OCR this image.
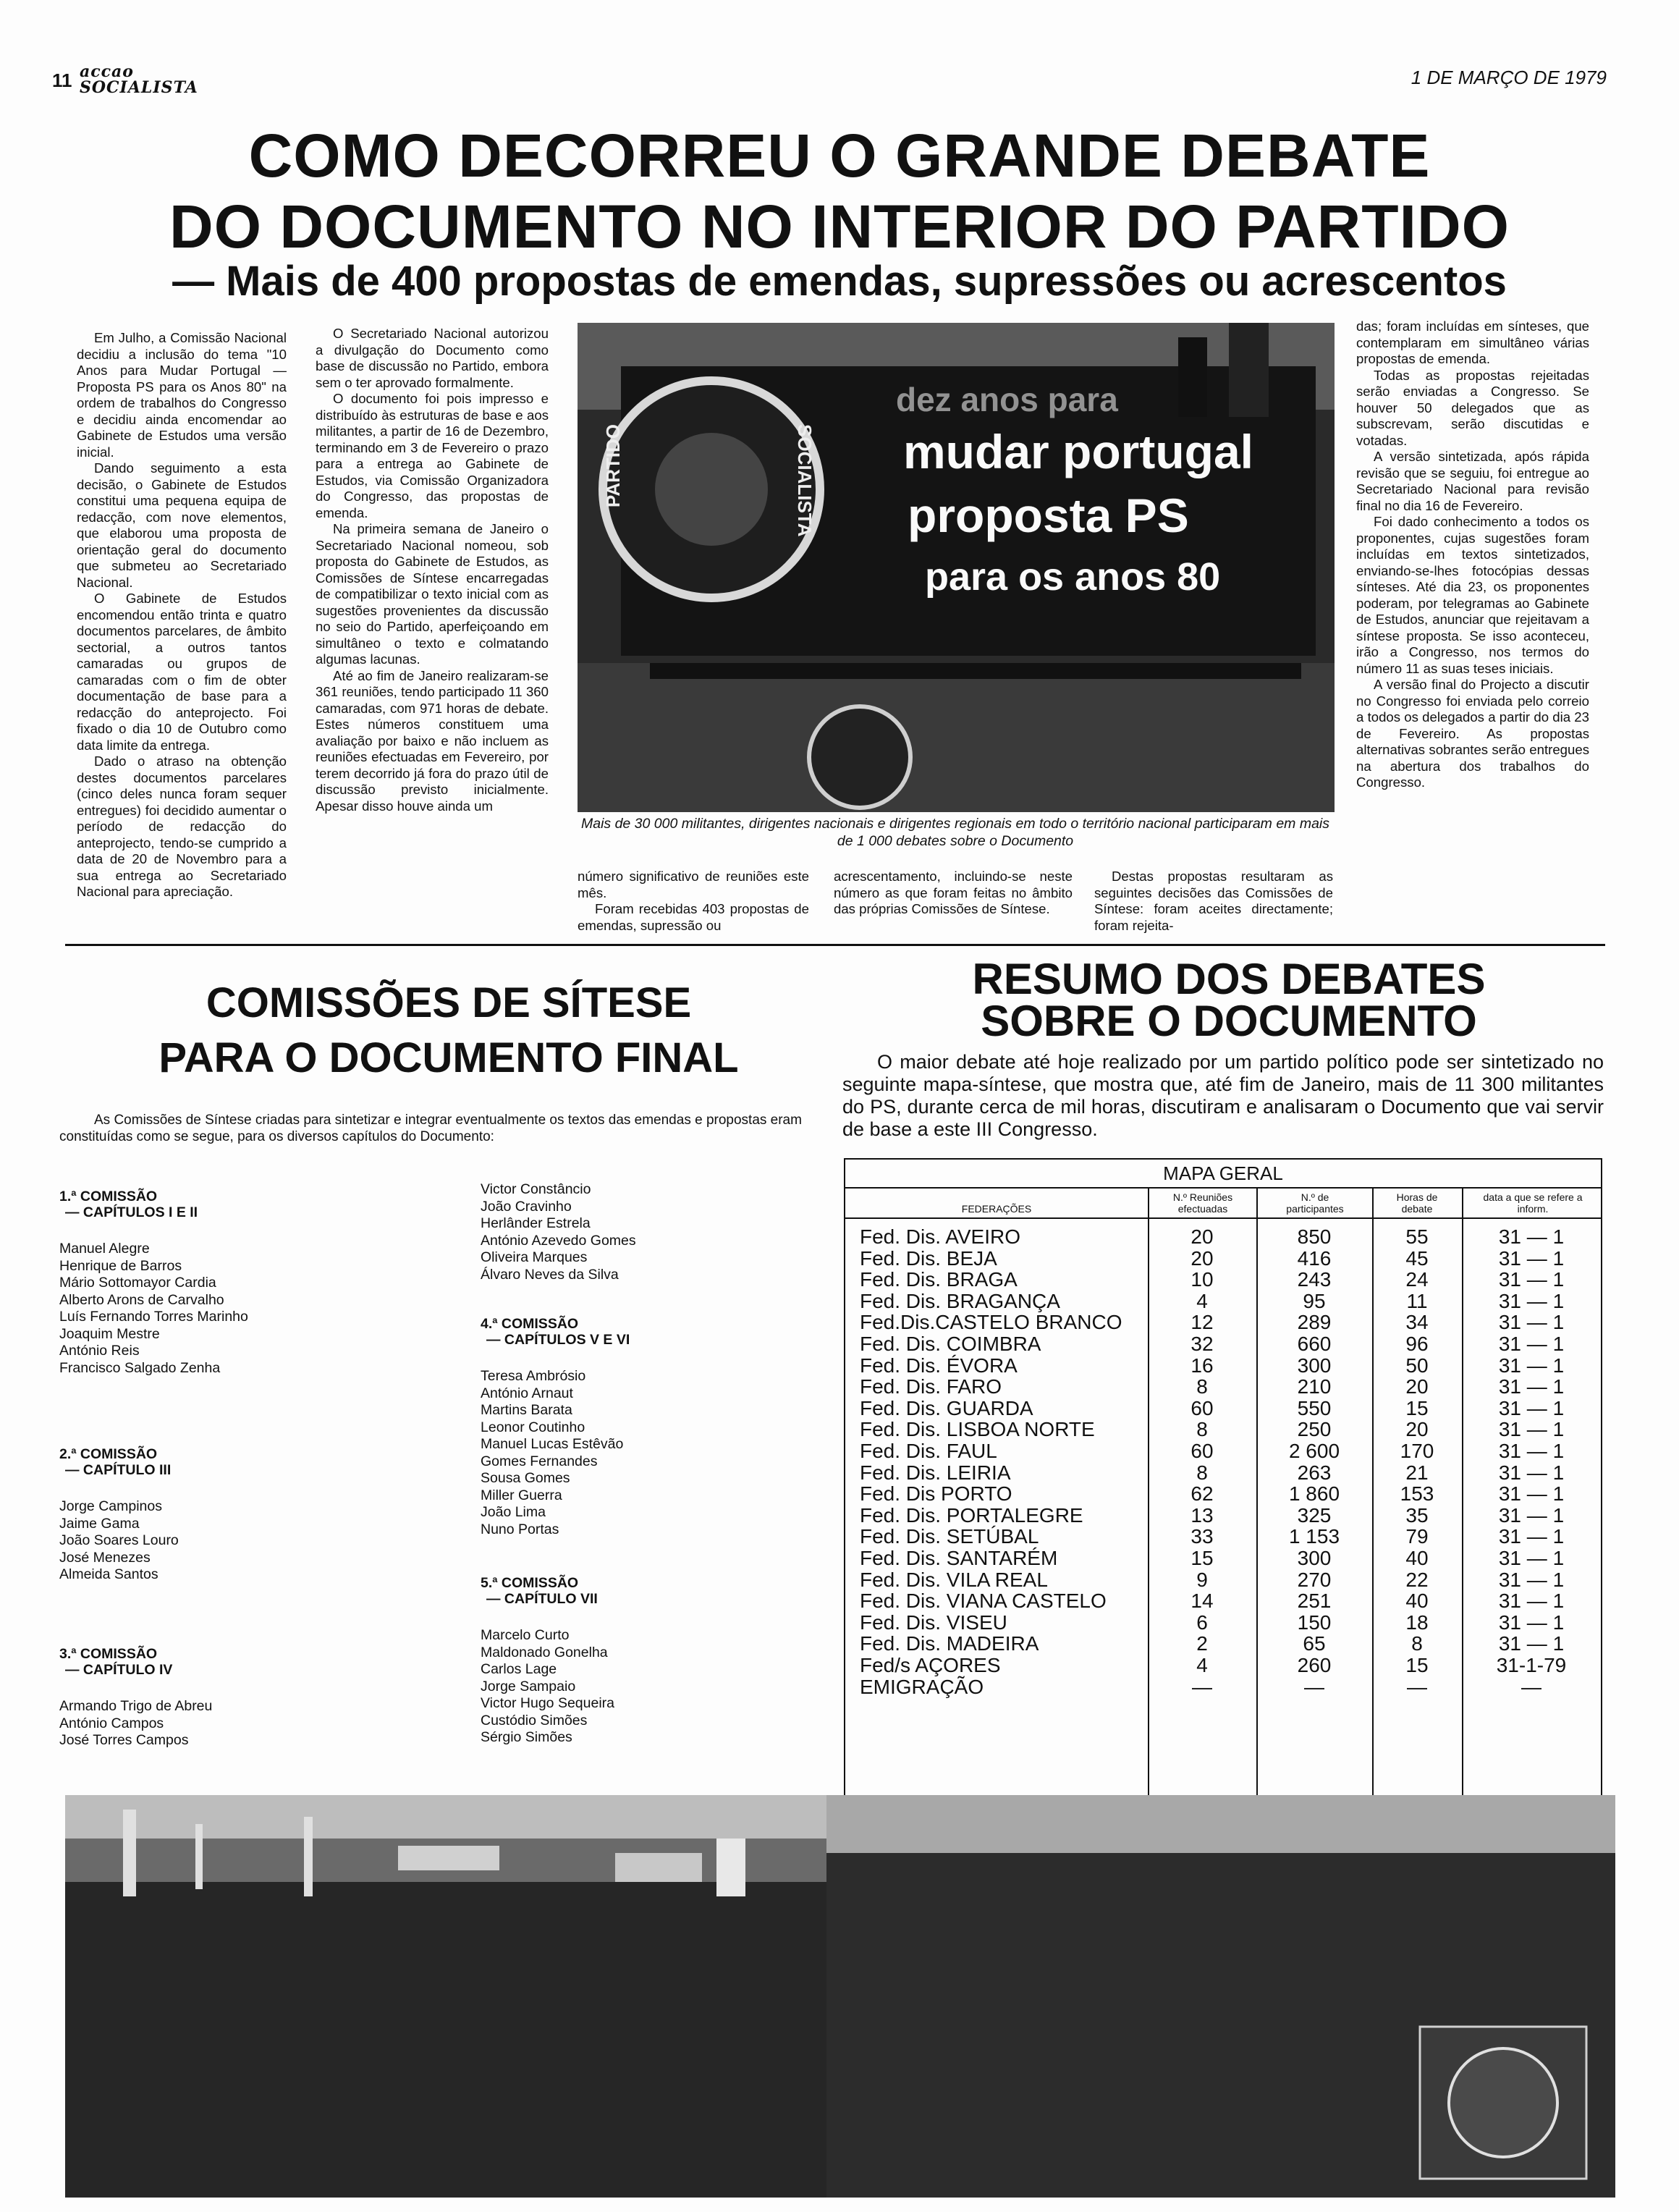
11 accao
SOCIALISTA	1 DE MARÇO DE 1979
COMO DECORREU O GRANDE DEBATE
DO DOCUMENTO NO INTERIOR DO PARTIDO
— Mais de 400 propostas de emendas, supressões ou acrescentos

Em Julho, a Comissão Nacional decidiu a inclusão do tema "10 Anos para Mudar Portugal — Proposta PS para os Anos 80" na ordem de trabalhos do Congresso e decidiu ainda encomendar ao Gabinete de Estudos uma versão inicial.

Dando seguimento a esta decisão, o Gabinete de Estudos constitui uma pequena equipa de redacção, com nove elementos, que elaborou uma proposta de orientação geral do documento que submeteu ao Secretariado Nacional.

O Gabinete de Estudos encomendou então trinta e quatro documentos parcelares, de âmbito sectorial, a outros tantos camaradas ou grupos de camaradas com o fim de obter documentação de base para a redacção do anteprojecto. Foi fixado o dia 10 de Outubro como data limite da entrega.

Dado o atraso na obtenção destes documentos parcelares (cinco deles nunca foram sequer entregues) foi decidido aumentar o período de redacção do anteprojecto, tendo-se cumprido a data de 20 de Novembro para a sua entrega ao Secretariado Nacional para apreciação.

O Secretariado Nacional autorizou a divulgação do Documento como base de discussão no Partido, embora sem o ter aprovado formalmente.

O documento foi pois impresso e distribuído às estruturas de base e aos militantes, a partir de 16 de Dezembro, terminando em 3 de Fevereiro o prazo para a entrega ao Gabinete de Estudos, via Comissão Organizadora do Congresso, das propostas de emenda.

Na primeira semana de Janeiro o Secretariado Nacional nomeou, sob proposta do Gabinete de Estudos, as Comissões de Síntese encarregadas de compatibilizar o texto inicial com as sugestões provenientes da discussão no seio do Partido, aperfeiçoando em simultâneo o texto e colmatando algumas lacunas.

Até ao fim de Janeiro realizaram-se 361 reuniões, tendo participado 11 360 camaradas, com 971 horas de debate. Estes números constituem uma avaliação por baixo e não incluem as reuniões efectuadas em Fevereiro, por terem decorrido já fora do prazo útil de discussão previsto inicialmente. Apesar disso houve ainda um

PARTIDO	SOCIALISTA
dez anos para
mudar portugal
proposta PS
para os anos 80
Mais de 30 000 militantes, dirigentes nacionais e dirigentes regionais em todo o território nacional participaram em mais de 1 000 debates sobre o Documento

número significativo de reuniões este mês.

Foram recebidas 403 propostas de emendas, supressão ou

acrescentamento, incluindo-se neste número as que foram feitas no âmbito das próprias Comissões de Síntese.

Destas propostas resultaram as seguintes decisões das Comissões de Síntese: foram aceites directamente; foram rejeita-

das; foram incluídas em sínteses, que contemplaram em simultâneo várias propostas de emenda.

Todas as propostas rejeitadas serão enviadas a Congresso. Se houver 50 delegados que as subscrevam, serão discutidas e votadas.

A versão sintetizada, após rápida revisão que se seguiu, foi entregue ao Secretariado Nacional para revisão final no dia 16 de Fevereiro.

Foi dado conhecimento a todos os proponentes, cujas sugestões foram incluídas em textos sintetizados, enviando-se-lhes fotocópias dessas sínteses. Até dia 23, os proponentes poderam, por telegramas ao Gabinete de Estudos, anunciar que rejeitavam a síntese proposta. Se isso aconteceu, irão a Congresso, nos termos do número 11 as suas teses iniciais.

A versão final do Projecto a discutir no Congresso foi enviada pelo correio a todos os delegados a partir do dia 23 de Fevereiro. As propostas alternativas sobrantes serão entregues na abertura dos trabalhos do Congresso.

COMISSÕES DE SÍTESE
PARA O DOCUMENTO FINAL
As Comissões de Síntese criadas para sintetizar e integrar eventualmente os textos das emendas e propostas eram constituídas como se segue, para os diversos capítulos do Documento:
1.ª COMISSÃO
— CAPÍTULOS I E II
Manuel Alegre
Henrique de Barros
Mário Sottomayor Cardia
Alberto Arons de Carvalho
Luís Fernando Torres Marinho
Joaquim Mestre
António Reis
Francisco Salgado Zenha
2.ª COMISSÃO
— CAPÍTULO III
Jorge Campinos
Jaime Gama
João Soares Louro
José Menezes
Almeida Santos
3.ª COMISSÃO
— CAPÍTULO IV
Armando Trigo de Abreu
António Campos
José Torres Campos
Victor Constâncio
João Cravinho
Herlânder Estrela
António Azevedo Gomes
Oliveira Marques
Álvaro Neves da Silva
4.ª COMISSÃO
— CAPÍTULOS V E VI
Teresa Ambrósio
António Arnaut
Martins Barata
Leonor Coutinho
Manuel Lucas Estêvão
Gomes Fernandes
Sousa Gomes
Miller Guerra
João Lima
Nuno Portas
5.ª COMISSÃO
— CAPÍTULO VII
Marcelo Curto
Maldonado Gonelha
Carlos Lage
Jorge Sampaio
Victor Hugo Sequeira
Custódio Simões
Sérgio Simões
RESUMO DOS DEBATES
SOBRE O DOCUMENTO
O maior debate até hoje realizado por um partido político pode ser sintetizado no seguinte mapa-síntese, que mostra que, até fim de Janeiro, mais de 11 300 militantes do PS, durante cerca de mil horas, discutiram e analisaram o Documento que vai servir de base a este III Congresso.
MAPA GERAL
FEDERAÇÕES
N.º Reuniões efectuadas
N.º de participantes
Horas de debate
data a que se refere a inform.
Fed. Dis. AVEIRO	20	850	55	31 — 1
Fed. Dis. BEJA	20	416	45	31 — 1
Fed. Dis. BRAGA	10	243	24	31 — 1
Fed. Dis. BRAGANÇA	4	95	11	31 — 1
Fed.Dis.CASTELO BRANCO	12	289	34	31 — 1
Fed. Dis. COIMBRA	32	660	96	31 — 1
Fed. Dis. ÉVORA	16	300	50	31 — 1
Fed. Dis. FARO	8	210	20	31 — 1
Fed. Dis. GUARDA	60	550	15	31 — 1
Fed. Dis. LISBOA NORTE	8	250	20	31 — 1
Fed. Dis. FAUL	60	2 600	170	31 — 1
Fed. Dis. LEIRIA	8	263	21	31 — 1
Fed. Dis PORTO	62	1 860	153	31 — 1
Fed. Dis. PORTALEGRE	13	325	35	31 — 1
Fed. Dis. SETÚBAL	33	1 153	79	31 — 1
Fed. Dis. SANTARÉM	15	300	40	31 — 1
Fed. Dis. VILA REAL	9	270	22	31 — 1
Fed. Dis. VIANA CASTELO	14	251	40	31 — 1
Fed. Dis. VISEU	6	150	18	31 — 1
Fed. Dis. MADEIRA	2	65	8	31 — 1
Fed/s AÇORES	4	260	15	31-1-79
EMIGRAÇÃO	—	—	—	—
